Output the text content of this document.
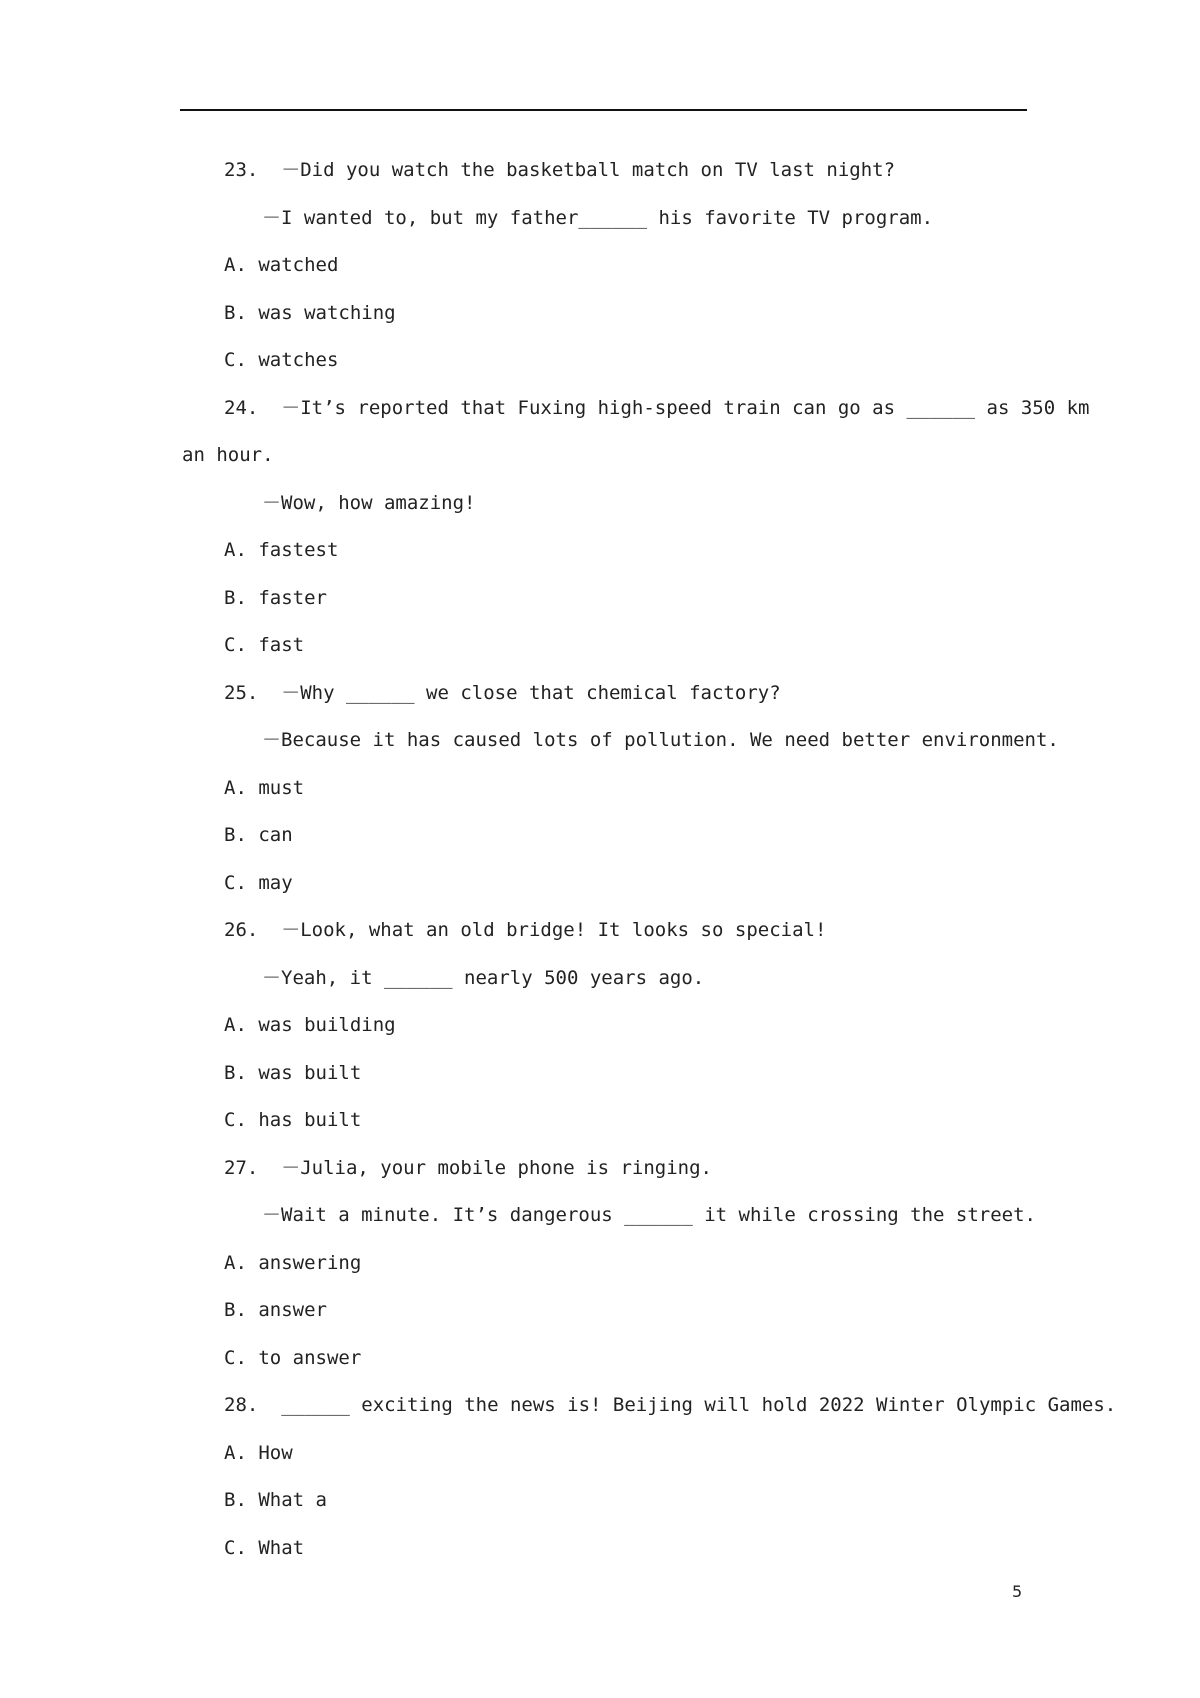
23.  －Did you watch the basketball match on TV last night?
－I wanted to, but my father______ his favorite TV program.
A. watched
B. was watching
C. watches
24.  －It’s reported that Fuxing high-speed train can go as ______ as 350 km
an hour.
－Wow, how amazing!
A. fastest
B. faster
C. fast
25.  －Why ______ we close that chemical factory?
－Because it has caused lots of pollution. We need better environment.
A. must
B. can
C. may
26.  －Look, what an old bridge! It looks so special!
－Yeah, it ______ nearly 500 years ago.
A. was building
B. was built
C. has built
27.  －Julia, your mobile phone is ringing.
－Wait a minute. It’s dangerous ______ it while crossing the street.
A. answering
B. answer
C. to answer
28.  ______ exciting the news is! Beijing will hold 2022 Winter Olympic Games.
A. How
B. What a
C. What
5
